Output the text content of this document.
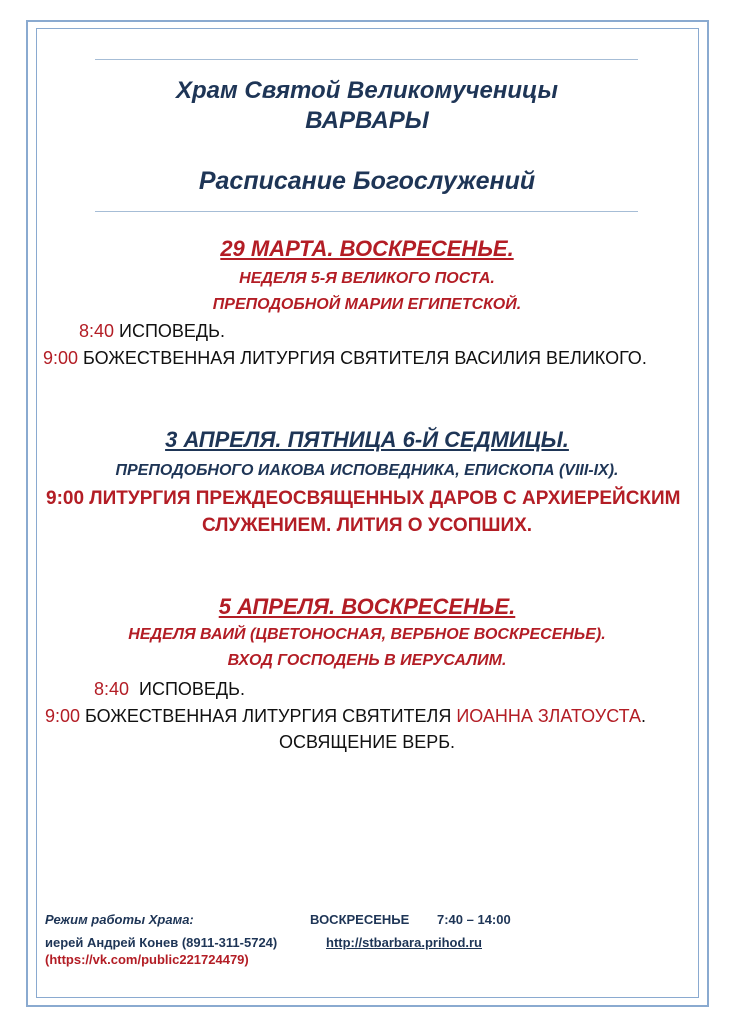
Храм Святой Великомученицы
ВАРВАРЫ
Расписание Богослужений
29 МАРТА. ВОСКРЕСЕНЬЕ.
НЕДЕЛЯ 5-Я ВЕЛИКОГО ПОСТА.
ПРЕПОДОБНОЙ МАРИИ ЕГИПЕТСКОЙ.
8:40 ИСПОВЕДЬ.
9:00 БОЖЕСТВЕННАЯ ЛИТУРГИЯ СВЯТИТЕЛЯ ВАСИЛИЯ ВЕЛИКОГО.
3 АПРЕЛЯ. ПЯТНИЦА 6-Й СЕДМИЦЫ.
ПРЕПОДОБНОГО ИАКОВА ИСПОВЕДНИКА, ЕПИСКОПА (VIII-IX).
9:00 ЛИТУРГИЯ ПРЕЖДЕОСВЯЩЕННЫХ ДАРОВ С АРХИЕРЕЙСКИМ
СЛУЖЕНИЕМ. ЛИТИЯ О УСОПШИХ.
5 АПРЕЛЯ. ВОСКРЕСЕНЬЕ.
НЕДЕЛЯ ВАИЙ (ЦВЕТОНОСНАЯ, ВЕРБНОЕ ВОСКРЕСЕНЬЕ).
ВХОД ГОСПОДЕНЬ В ИЕРУСАЛИМ.
8:40  ИСПОВЕДЬ.
9:00 БОЖЕСТВЕННАЯ ЛИТУРГИЯ СВЯТИТЕЛЯ ИОАННА ЗЛАТОУСТА.
ОСВЯЩЕНИЕ ВЕРБ.
Режим работы Храма:	ВОСКРЕСЕНЬЕ 7:40 – 14:00
иерей Андрей Конев (8911-311-5724)	http://stbarbara.prihod.ru
(https://vk.com/public221724479)
